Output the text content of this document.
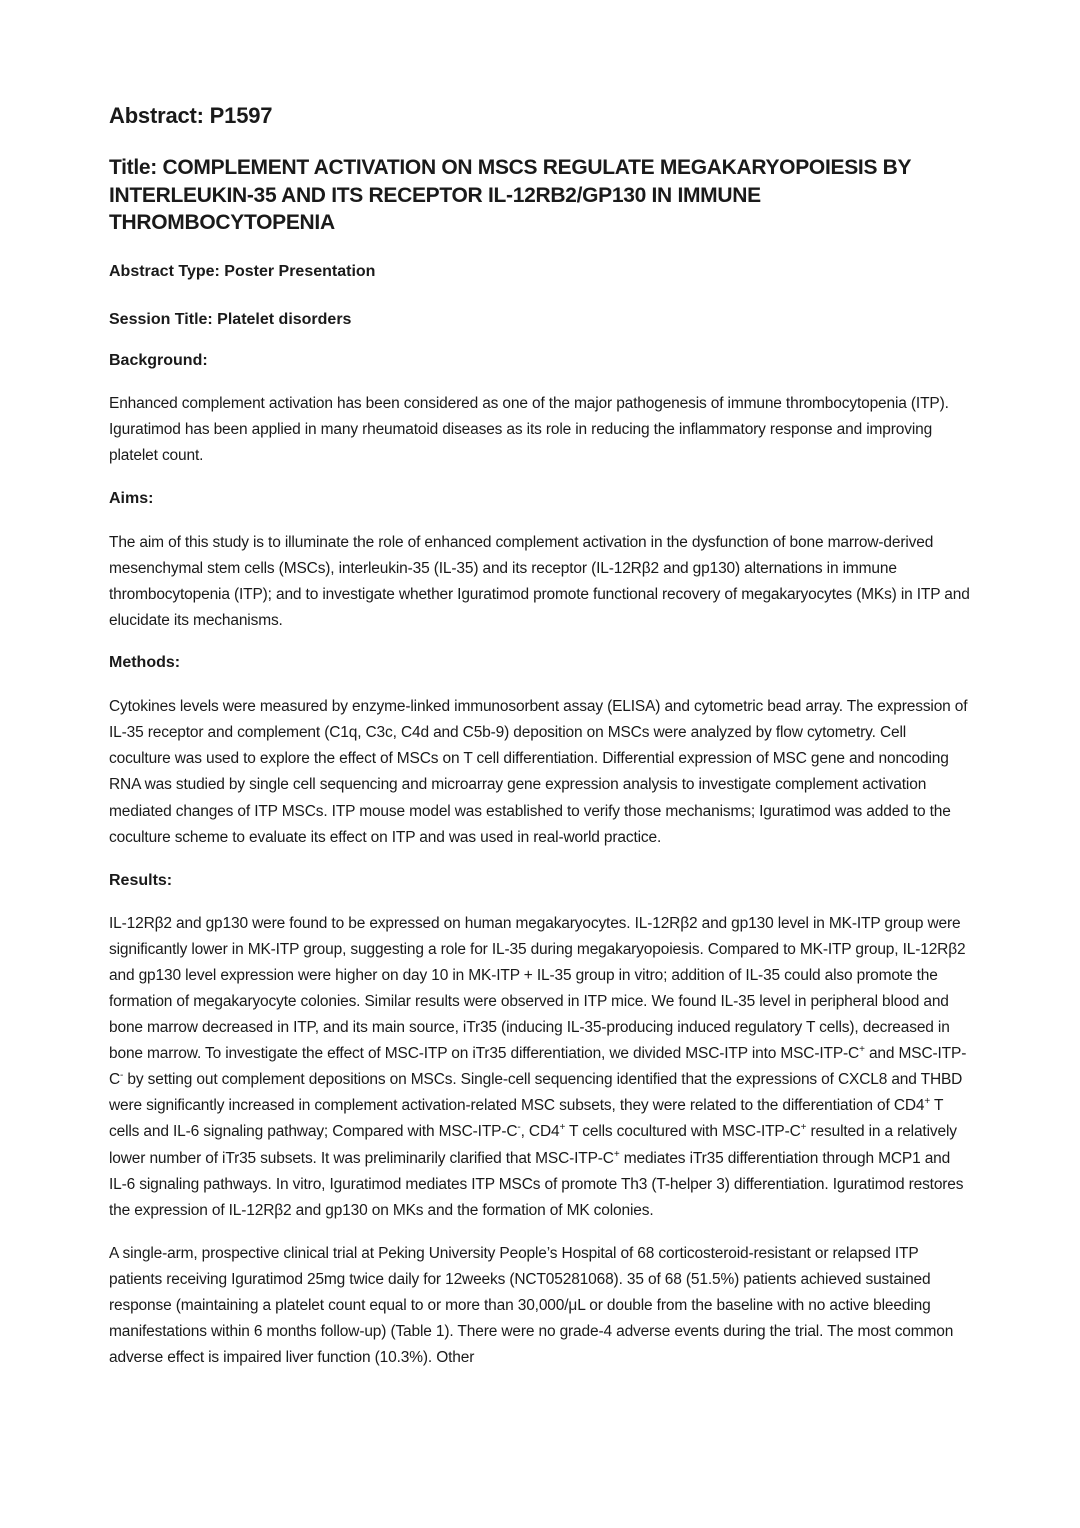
Abstract: P1597
Title: COMPLEMENT ACTIVATION ON MSCS REGULATE MEGAKARYOPOIESIS BY INTERLEUKIN-35 AND ITS RECEPTOR IL-12RB2/GP130 IN IMMUNE THROMBOCYTOPENIA

Abstract Type: Poster Presentation

Session Title: Platelet disorders

Background:

Enhanced complement activation has been considered as one of the major pathogenesis of immune thrombocytopenia (ITP). Iguratimod has been applied in many rheumatoid diseases as its role in reducing the inflammatory response and improving platelet count.

Aims:

The aim of this study is to illuminate the role of enhanced complement activation in the dysfunction of bone marrow-derived mesenchymal stem cells (MSCs), interleukin-35 (IL-35) and its receptor (IL-12Rβ2 and gp130) alternations in immune thrombocytopenia (ITP); and to investigate whether Iguratimod promote functional recovery of megakaryocytes (MKs) in ITP and elucidate its mechanisms.

Methods:

Cytokines levels were measured by enzyme-linked immunosorbent assay (ELISA) and cytometric bead array. The expression of IL-35 receptor and complement (C1q, C3c, C4d and C5b-9) deposition on MSCs were analyzed by flow cytometry. Cell coculture was used to explore the effect of MSCs on T cell differentiation. Differential expression of MSC gene and noncoding RNA was studied by single cell sequencing and microarray gene expression analysis to investigate complement activation mediated changes of ITP MSCs. ITP mouse model was established to verify those mechanisms; Iguratimod was added to the coculture scheme to evaluate its effect on ITP and was used in real-world practice.

Results:

IL-12Rβ2 and gp130 were found to be expressed on human megakaryocytes. IL-12Rβ2 and gp130 level in MK-ITP group were significantly lower in MK-ITP group, suggesting a role for IL-35 during megakaryopoiesis. Compared to MK-ITP group, IL-12Rβ2 and gp130 level expression were higher on day 10 in MK-ITP + IL-35 group in vitro; addition of IL-35 could also promote the formation of megakaryocyte colonies. Similar results were observed in ITP mice. We found IL-35 level in peripheral blood and bone marrow decreased in ITP, and its main source, iTr35 (inducing IL-35-producing induced regulatory T cells), decreased in bone marrow. To investigate the effect of MSC-ITP on iTr35 differentiation, we divided MSC-ITP into MSC-ITP-C+ and MSC-ITP-C- by setting out complement depositions on MSCs. Single-cell sequencing identified that the expressions of CXCL8 and THBD were significantly increased in complement activation-related MSC subsets, they were related to the differentiation of CD4+ T cells and IL-6 signaling pathway; Compared with MSC-ITP-C-, CD4+ T cells cocultured with MSC-ITP-C+ resulted in a relatively lower number of iTr35 subsets. It was preliminarily clarified that MSC-ITP-C+ mediates iTr35 differentiation through MCP1 and IL-6 signaling pathways. In vitro, Iguratimod mediates ITP MSCs of promote Th3 (T-helper 3) differentiation. Iguratimod restores the expression of IL-12Rβ2 and gp130 on MKs and the formation of MK colonies.

A single-arm, prospective clinical trial at Peking University People’s Hospital of 68 corticosteroid-resistant or relapsed ITP patients receiving Iguratimod 25mg twice daily for 12weeks (NCT05281068). 35 of 68 (51.5%) patients achieved sustained response (maintaining a platelet count equal to or more than 30,000/μL or double from the baseline with no active bleeding manifestations within 6 months follow-up) (Table 1). There were no grade-4 adverse events during the trial. The most common adverse effect is impaired liver function (10.3%). Other
